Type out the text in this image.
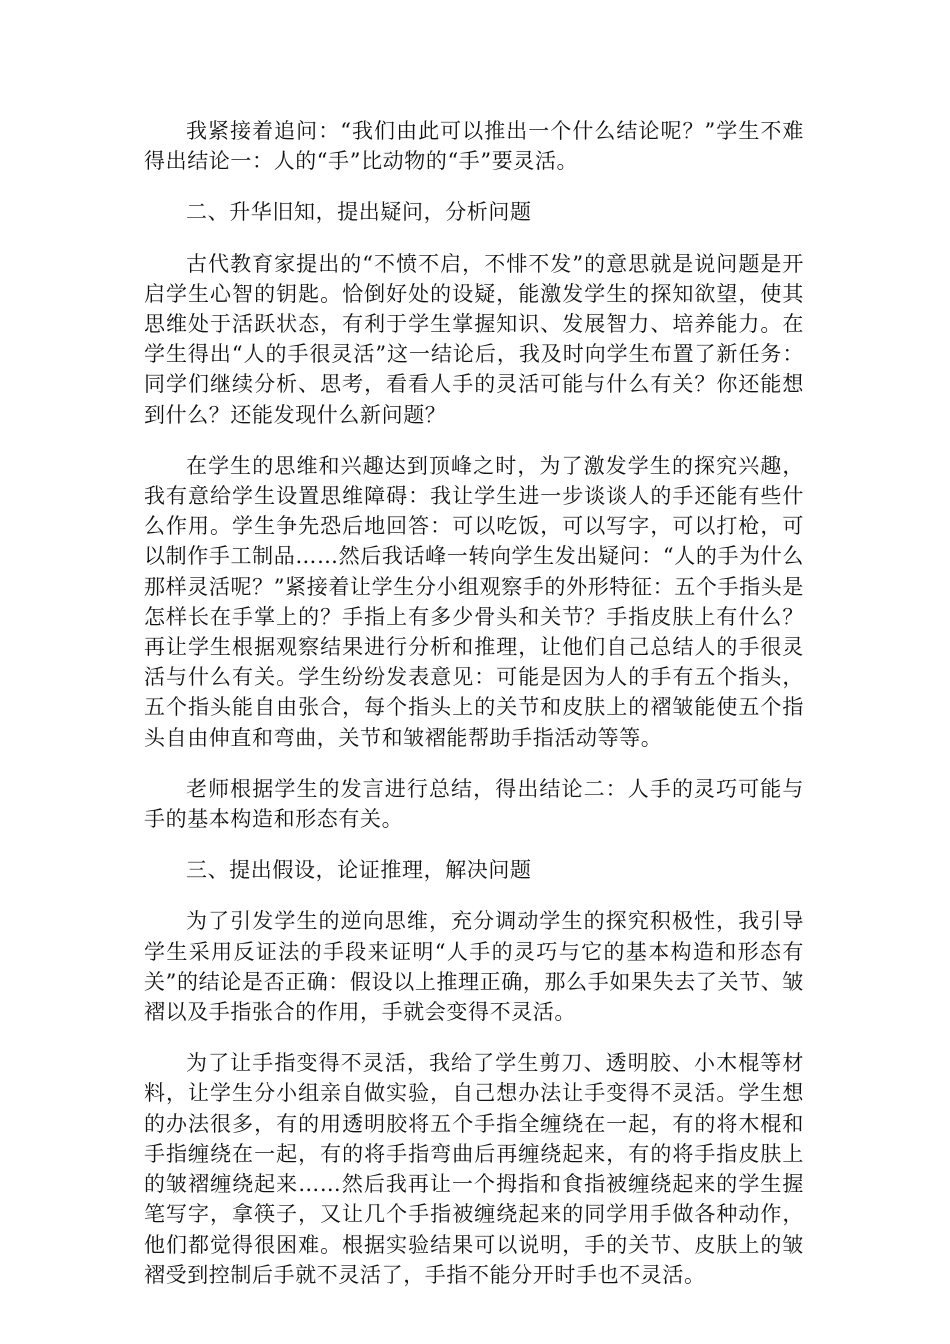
我紧接着追问：“我们由此可以推出一个什么结论呢？”学生不难得出结论一：人的“手”比动物的“手”要灵活。

二、升华旧知，提出疑问，分析问题

古代教育家提出的“不愤不启，不悱不发”的意思就是说问题是开启学生心智的钥匙。恰倒好处的设疑，能激发学生的探知欲望，使其思维处于活跃状态，有利于学生掌握知识、发展智力、培养能力。在学生得出“人的手很灵活”这一结论后，我及时向学生布置了新任务：同学们继续分析、思考，看看人手的灵活可能与什么有关？你还能想到什么？还能发现什么新问题？

在学生的思维和兴趣达到顶峰之时，为了激发学生的探究兴趣，我有意给学生设置思维障碍：我让学生进一步谈谈人的手还能有些什么作用。学生争先恐后地回答：可以吃饭，可以写字，可以打枪，可以制作手工制品……然后我话峰一转向学生发出疑问：“人的手为什么那样灵活呢？”紧接着让学生分小组观察手的外形特征：五个手指头是怎样长在手掌上的？手指上有多少骨头和关节？手指皮肤上有什么？再让学生根据观察结果进行分析和推理，让他们自己总结人的手很灵活与什么有关。学生纷纷发表意见：可能是因为人的手有五个指头，五个指头能自由张合，每个指头上的关节和皮肤上的褶皱能使五个指头自由伸直和弯曲，关节和皱褶能帮助手指活动等等。

老师根据学生的发言进行总结，得出结论二：人手的灵巧可能与手的基本构造和形态有关。

三、提出假设，论证推理，解决问题

为了引发学生的逆向思维，充分调动学生的探究积极性，我引导学生采用反证法的手段来证明“人手的灵巧与它的基本构造和形态有关”的结论是否正确：假设以上推理正确，那么手如果失去了关节、皱褶以及手指张合的作用，手就会变得不灵活。

为了让手指变得不灵活，我给了学生剪刀、透明胶、小木棍等材料，让学生分小组亲自做实验，自己想办法让手变得不灵活。学生想的办法很多，有的用透明胶将五个手指全缠绕在一起，有的将木棍和手指缠绕在一起，有的将手指弯曲后再缠绕起来，有的将手指皮肤上的皱褶缠绕起来……然后我再让一个拇指和食指被缠绕起来的学生握笔写字，拿筷子，又让几个手指被缠绕起来的同学用手做各种动作，他们都觉得很困难。根据实验结果可以说明，手的关节、皮肤上的皱褶受到控制后手就不灵活了，手指不能分开时手也不灵活。
